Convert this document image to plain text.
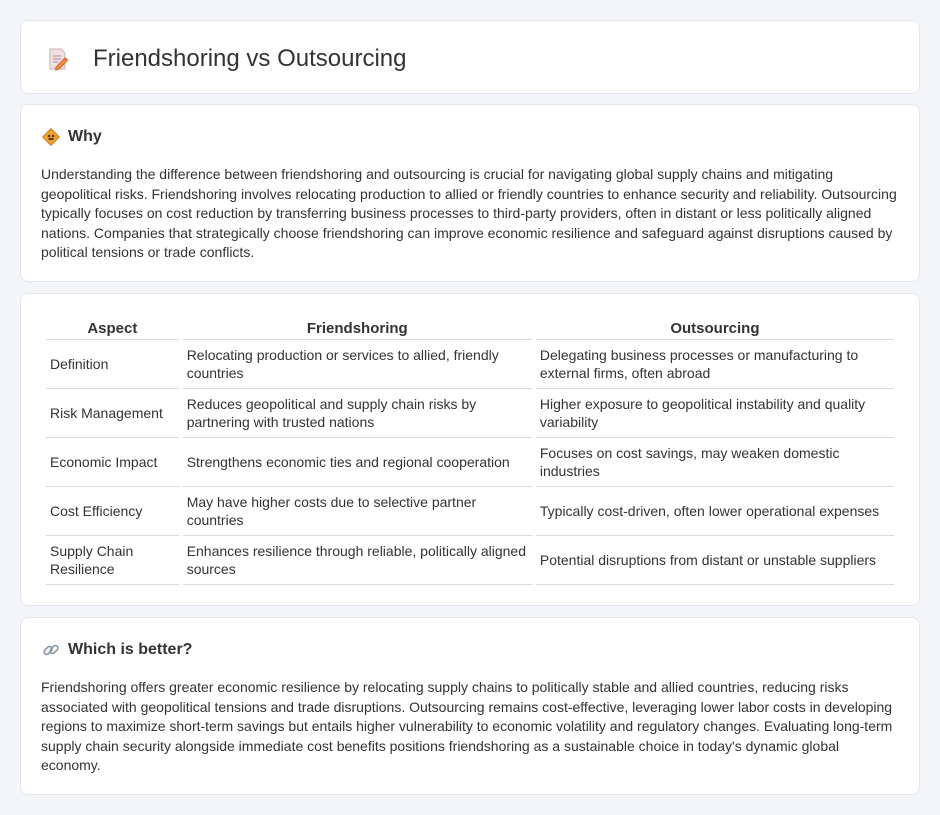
Friendshoring vs Outsourcing
Why

Understanding the difference between friendshoring and outsourcing is crucial for navigating global supply chains and mitigating geopolitical risks. Friendshoring involves relocating production to allied or friendly countries to enhance security and reliability. Outsourcing typically focuses on cost reduction by transferring business processes to third-party providers, often in distant or less politically aligned nations. Companies that strategically choose friendshoring can improve economic resilience and safeguard against disruptions caused by political tensions or trade conflicts.

Aspect	Friendshoring	Outsourcing
Definition	Relocating production or services to allied, friendly countries	Delegating business processes or manufacturing to external firms, often abroad
Risk Management	Reduces geopolitical and supply chain risks by partnering with trusted nations	Higher exposure to geopolitical instability and quality variability
Economic Impact	Strengthens economic ties and regional cooperation	Focuses on cost savings, may weaken domestic industries
Cost Efficiency	May have higher costs due to selective partner countries	Typically cost-driven, often lower operational expenses
Supply Chain Resilience	Enhances resilience through reliable, politically aligned sources	Potential disruptions from distant or unstable suppliers
Which is better?

Friendshoring offers greater economic resilience by relocating supply chains to politically stable and allied countries, reducing risks associated with geopolitical tensions and trade disruptions. Outsourcing remains cost-effective, leveraging lower labor costs in developing regions to maximize short-term savings but entails higher vulnerability to economic volatility and regulatory changes. Evaluating long-term supply chain security alongside immediate cost benefits positions friendshoring as a sustainable choice in today's dynamic global economy.
